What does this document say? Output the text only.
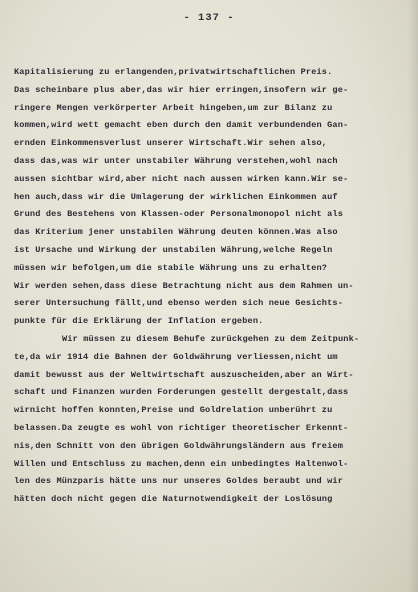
- 137 -
Kapitalisierung zu erlangenden,privatwirtschaftlichen Preis.
Das scheinbare plus aber,das wir hier erringen,insofern wir ge-
ringere Mengen verkörperter Arbeit hingeben,um zur Bilanz zu
kommen,wird wett gemacht eben durch den damit verbundenden Gan-
ernden Einkommensverlust unserer Wirtschaft.Wir sehen also,
dass das,was wir unter unstabiler Währung verstehen,wohl nach
aussen sichtbar wird,aber nicht nach aussen wirken kann.Wir se-
hen auch,dass wir die Umlagerung der wirklichen Einkommen auf
Grund des Bestehens von Klassen-oder Personalmonopol nicht als
das Kriterium jener unstabilen Währung deuten können.Was also
ist Ursache und Wirkung der unstabilen Währung,welche Regeln
müssen wir befolgen,um die stabile Währung uns zu erhalten?
Wir werden sehen,dass diese Betrachtung nicht aus dem Rahmen un-
serer Untersuchung fällt,und ebenso werden sich neue Gesichts-
punkte für die Erklärung der Inflation ergeben.
Wir müssen zu diesem Behufe zurückgehen zu dem Zeitpunk-
te,da wir 1914 die Bahnen der Goldwährung verliessen,nicht um
damit bewusst aus der Weltwirtschaft auszuscheiden,aber an Wirt-
schaft und Finanzen wurden Forderungen gestellt dergestalt,dass
wirnicht hoffen konnten,Preise und Goldrelation unberührt zu
belassen.Da zeugte es wohl von richtiger theoretischer Erkennt-
nis,den Schnitt von den übrigen Goldwährungsländern aus freiem
Willen und Entschluss zu machen,denn ein unbedingtes Haltenwol-
len des Münzparis hätte uns nur unseres Goldes beraubt und wir
hätten doch nicht gegen die Naturnotwendigkeit der Loslösung
